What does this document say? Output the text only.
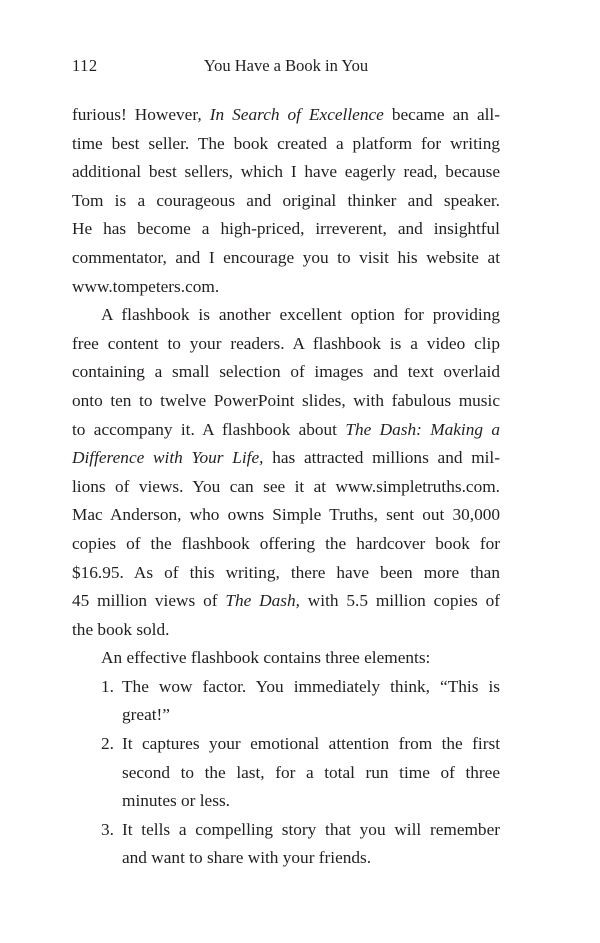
112	You Have a Book in You
furious! However, In Search of Excellence became an all-
time best seller. The book created a platform for writing
additional best sellers, which I have eagerly read, because
Tom is a courageous and original thinker and speaker.
He has become a high-priced, irreverent, and insightful
commentator, and I encourage you to visit his website at
www.tompeters.com.
A flashbook is another excellent option for providing
free content to your readers. A flashbook is a video clip
containing a small selection of images and text overlaid
onto ten to twelve PowerPoint slides, with fabulous music
to accompany it. A flashbook about The Dash: Making a
Difference with Your Life, has attracted millions and mil-
lions of views. You can see it at www.simpletruths.com.
Mac Anderson, who owns Simple Truths, sent out 30,000
copies of the flashbook offering the hardcover book for
$16.95. As of this writing, there have been more than
45 million views of The Dash, with 5.5 million copies of
the book sold.
An effective flashbook contains three elements:
1. The wow factor. You immediately think, “This is
great!”
2. It captures your emotional attention from the first
second to the last, for a total run time of three
minutes or less.
3. It tells a compelling story that you will remember
and want to share with your friends.
